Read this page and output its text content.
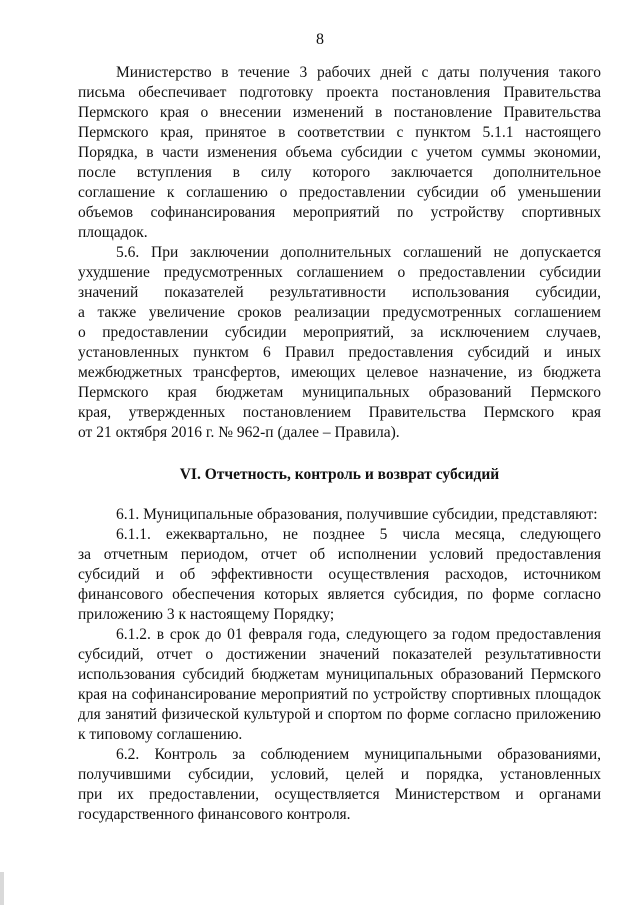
8
Министерство в течение 3 рабочих дней с даты получения такого
письма обеспечивает подготовку проекта постановления Правительства
Пермского края о внесении изменений в постановление Правительства
Пермского края, принятое в соответствии с пунктом 5.1.1 настоящего
Порядка, в части изменения объема субсидии с учетом суммы экономии,
после вступления в силу которого заключается дополнительное
соглашение к соглашению о предоставлении субсидии об уменьшении
объемов софинансирования мероприятий по устройству спортивных
площадок.
5.6. При заключении дополнительных соглашений не допускается
ухудшение предусмотренных соглашением о предоставлении субсидии
значений показателей результативности использования субсидии,
а также увеличение сроков реализации предусмотренных соглашением
о предоставлении субсидии мероприятий, за исключением случаев,
установленных пунктом 6 Правил предоставления субсидий и иных
межбюджетных трансфертов, имеющих целевое назначение, из бюджета
Пермского края бюджетам муниципальных образований Пермского
края, утвержденных постановлением Правительства Пермского края
от 21 октября 2016 г. № 962-п (далее – Правила).
VI. Отчетность, контроль и возврат субсидий
6.1. Муниципальные образования, получившие субсидии, представляют:
6.1.1. ежеквартально, не позднее 5 числа месяца, следующего
за отчетным периодом, отчет об исполнении условий предоставления
субсидий и об эффективности осуществления расходов, источником
финансового обеспечения которых является субсидия, по форме согласно
приложению 3 к настоящему Порядку;
6.1.2. в срок до 01 февраля года, следующего за годом предоставления
субсидий, отчет о достижении значений показателей результативности
использования субсидий бюджетам муниципальных образований Пермского
края на софинансирование мероприятий по устройству спортивных площадок
для занятий физической культурой и спортом по форме согласно приложению
к типовому соглашению.
6.2. Контроль за соблюдением муниципальными образованиями,
получившими субсидии, условий, целей и порядка, установленных
при их предоставлении, осуществляется Министерством и органами
государственного финансового контроля.
